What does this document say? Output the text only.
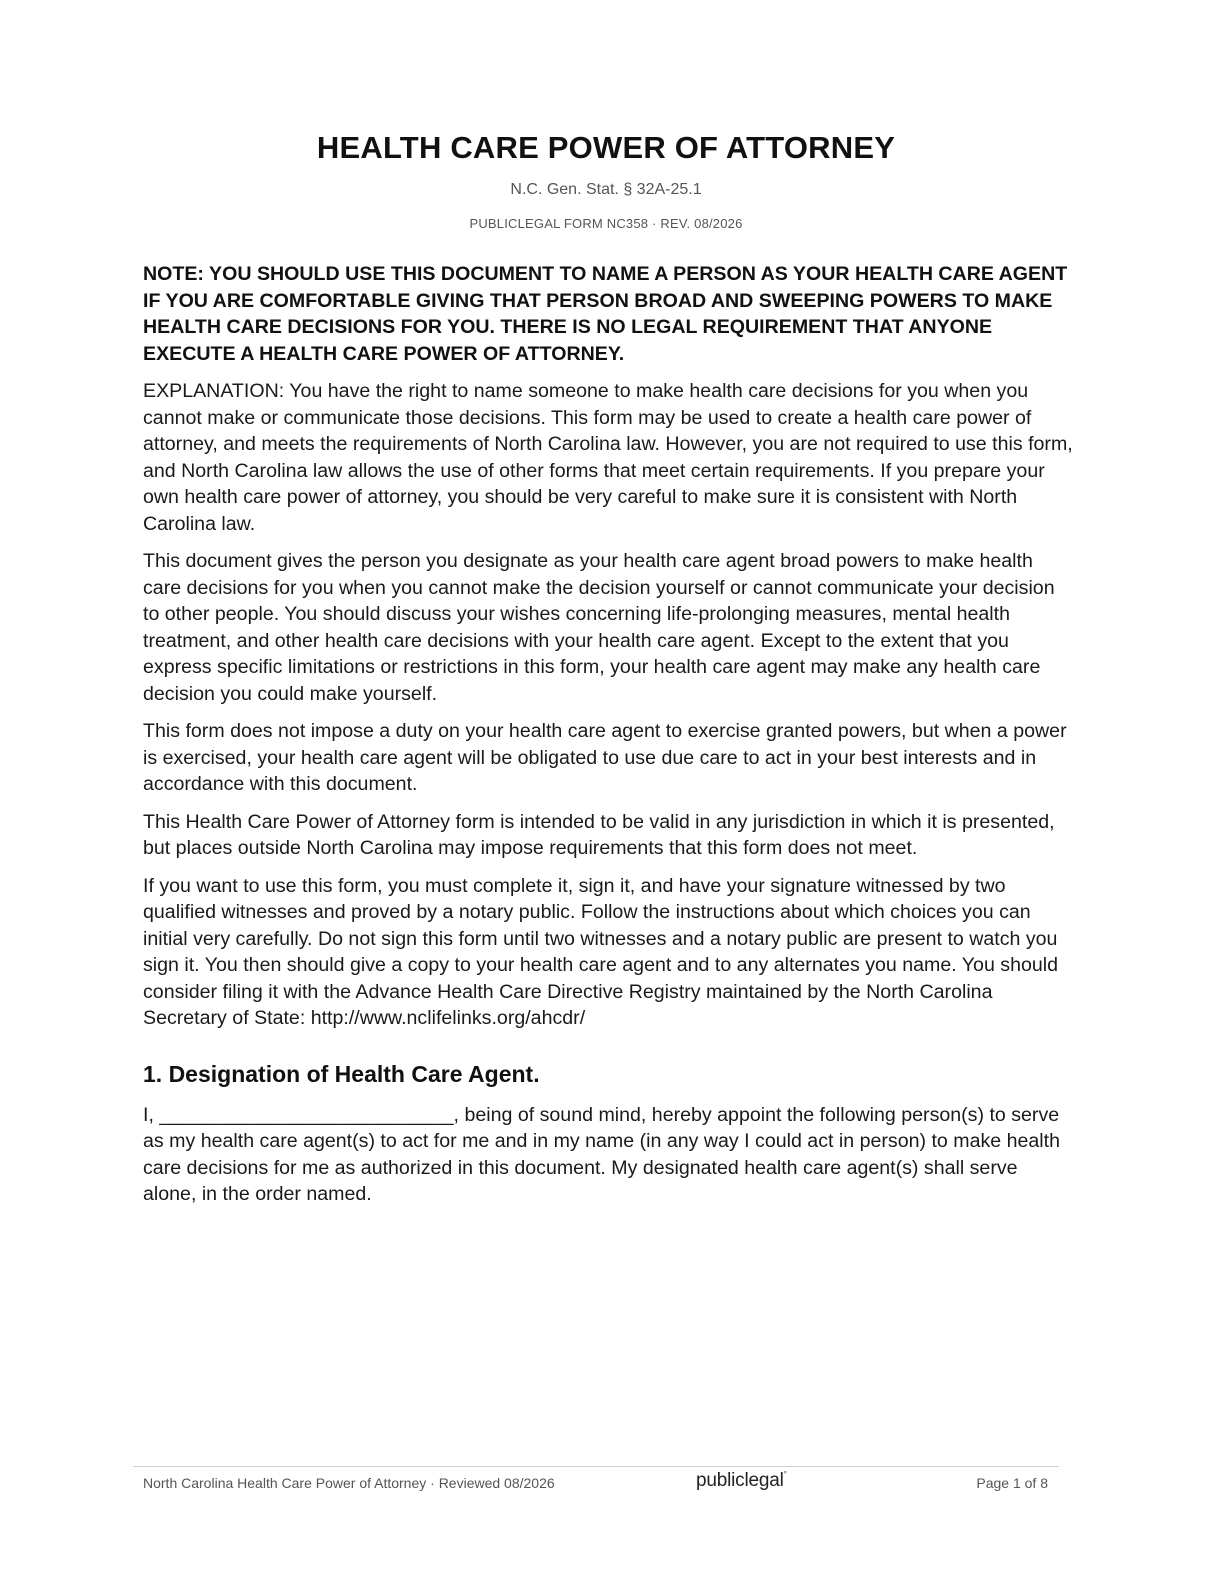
HEALTH CARE POWER OF ATTORNEY
N.C. Gen. Stat. § 32A-25.1
PUBLICLEGAL FORM NC358 · REV. 08/2026

NOTE: YOU SHOULD USE THIS DOCUMENT TO NAME A PERSON AS YOUR HEALTH CARE AGENT IF YOU ARE COMFORTABLE GIVING THAT PERSON BROAD AND SWEEPING POWERS TO MAKE HEALTH CARE DECISIONS FOR YOU. THERE IS NO LEGAL REQUIREMENT THAT ANYONE EXECUTE A HEALTH CARE POWER OF ATTORNEY.

EXPLANATION: You have the right to name someone to make health care decisions for you when you cannot make or communicate those decisions. This form may be used to create a health care power of attorney, and meets the requirements of North Carolina law. However, you are not required to use this form, and North Carolina law allows the use of other forms that meet certain requirements. If you prepare your own health care power of attorney, you should be very careful to make sure it is consistent with North Carolina law.

This document gives the person you designate as your health care agent broad powers to make health care decisions for you when you cannot make the decision yourself or cannot communicate your decision to other people. You should discuss your wishes concerning life-prolonging measures, mental health treatment, and other health care decisions with your health care agent. Except to the extent that you express specific limitations or restrictions in this form, your health care agent may make any health care decision you could make yourself.

This form does not impose a duty on your health care agent to exercise granted powers, but when a power is exercised, your health care agent will be obligated to use due care to act in your best interests and in accordance with this document.

This Health Care Power of Attorney form is intended to be valid in any jurisdiction in which it is presented, but places outside North Carolina may impose requirements that this form does not meet.

If you want to use this form, you must complete it, sign it, and have your signature witnessed by two qualified witnesses and proved by a notary public. Follow the instructions about which choices you can initial very carefully. Do not sign this form until two witnesses and a notary public are present to watch you sign it. You then should give a copy to your health care agent and to any alternates you name. You should consider filing it with the Advance Health Care Directive Registry maintained by the North Carolina Secretary of State: http://www.nclifelinks.org/ahcdr/

1. Designation of Health Care Agent.

I, ___________________________, being of sound mind, hereby appoint the following person(s) to serve as my health care agent(s) to act for me and in my name (in any way I could act in person) to make health care decisions for me as authorized in this document. My designated health care agent(s) shall serve alone, in the order named.

North Carolina Health Care Power of Attorney · Reviewed 08/2026	publiclegal°
Page 1 of 8
